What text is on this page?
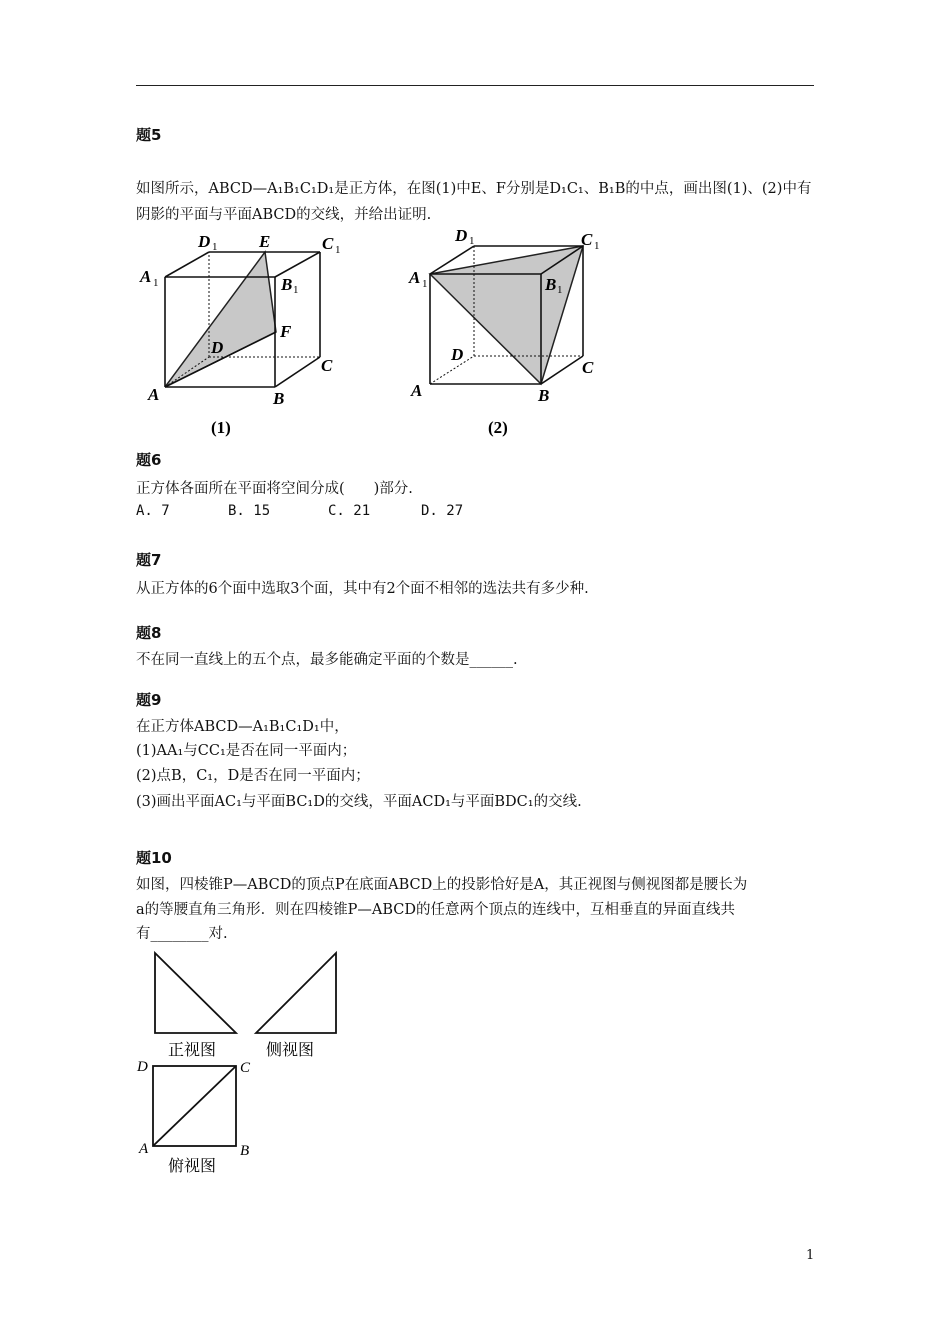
题5
如图所示，ABCD—A₁B₁C₁D₁是正方体，在图(1)中E、F分别是D₁C₁、B₁B的中点，画出图(1)、(2)中有
阴影的平面与平面ABCD的交线，并给出证明.
A	B
C
D
A 1	B 1
C 1
D 1 E
F
(1)
A	B
C
D
A 1	B 1
C 1
D 1
(2)
题6
正方体各面所在平面将空间分成(　　)部分.
A. 7	B. 15	C. 21	D. 27
题7
从正方体的6个面中选取3个面，其中有2个面不相邻的选法共有多少种.
题8
不在同一直线上的五个点，最多能确定平面的个数是______.
题9
在正方体ABCD—A₁B₁C₁D₁中，
(1)AA₁与CC₁是否在同一平面内；
(2)点B，C₁，D是否在同一平面内；
(3)画出平面AC₁与平面BC₁D的交线，平面ACD₁与平面BDC₁的交线.
题10
如图，四棱锥P—ABCD的顶点P在底面ABCD上的投影恰好是A，其正视图与侧视图都是腰长为
a的等腰直角三角形．则在四棱锥P—ABCD的任意两个顶点的连线中，互相垂直的异面直线共
有________对.
正视图	侧视图
俯视图
D	C
A	B
1
